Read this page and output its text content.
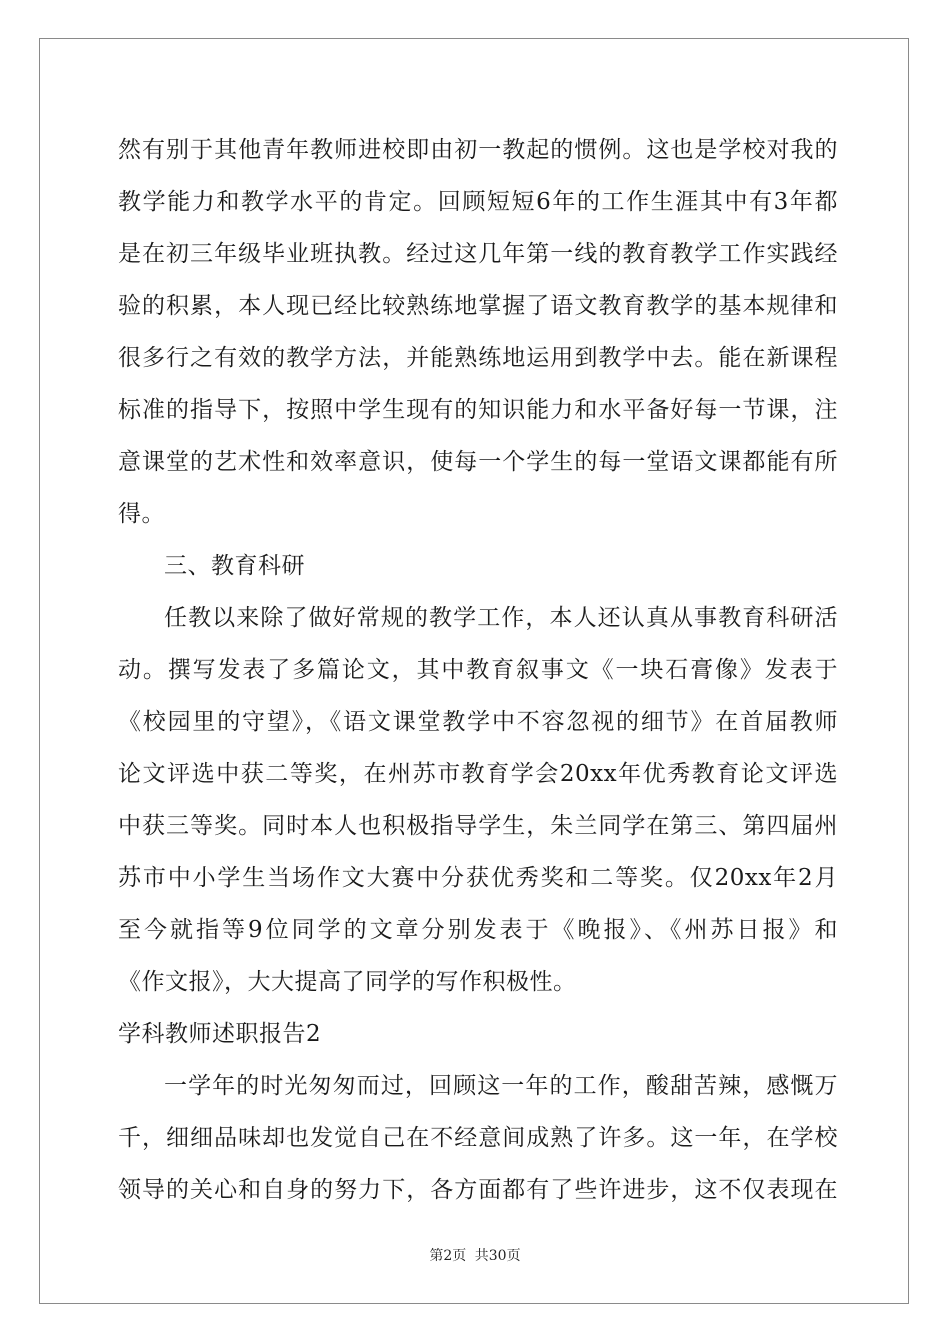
然有别于其他青年教师进校即由初一教起的惯例。这也是学校对我的
教学能力和教学水平的肯定。回顾短短6年的工作生涯其中有3年都
是在初三年级毕业班执教。经过这几年第一线的教育教学工作实践经
验的积累，本人现已经比较熟练地掌握了语文教育教学的基本规律和
很多行之有效的教学方法，并能熟练地运用到教学中去。能在新课程
标准的指导下，按照中学生现有的知识能力和水平备好每一节课，注
意课堂的艺术性和效率意识，使每一个学生的每一堂语文课都能有所
得。
三、教育科研
任教以来除了做好常规的教学工作，本人还认真从事教育科研活
动。撰写发表了多篇论文，其中教育叙事文《一块石膏像》发表于
《校园里的守望》，《语文课堂教学中不容忽视的细节》在首届教师
论文评选中获二等奖，在州苏市教育学会20xx年优秀教育论文评选
中获三等奖。同时本人也积极指导学生，朱兰同学在第三、第四届州
苏市中小学生当场作文大赛中分获优秀奖和二等奖。仅20xx年2月
至今就指等9位同学的文章分别发表于《晚报》、《州苏日报》和
《作文报》，大大提高了同学的写作积极性。
学科教师述职报告2
一学年的时光匆匆而过，回顾这一年的工作，酸甜苦辣，感慨万
千，细细品味却也发觉自己在不经意间成熟了许多。这一年，在学校
领导的关心和自身的努力下，各方面都有了些许进步，这不仅表现在
第2页 共30页
